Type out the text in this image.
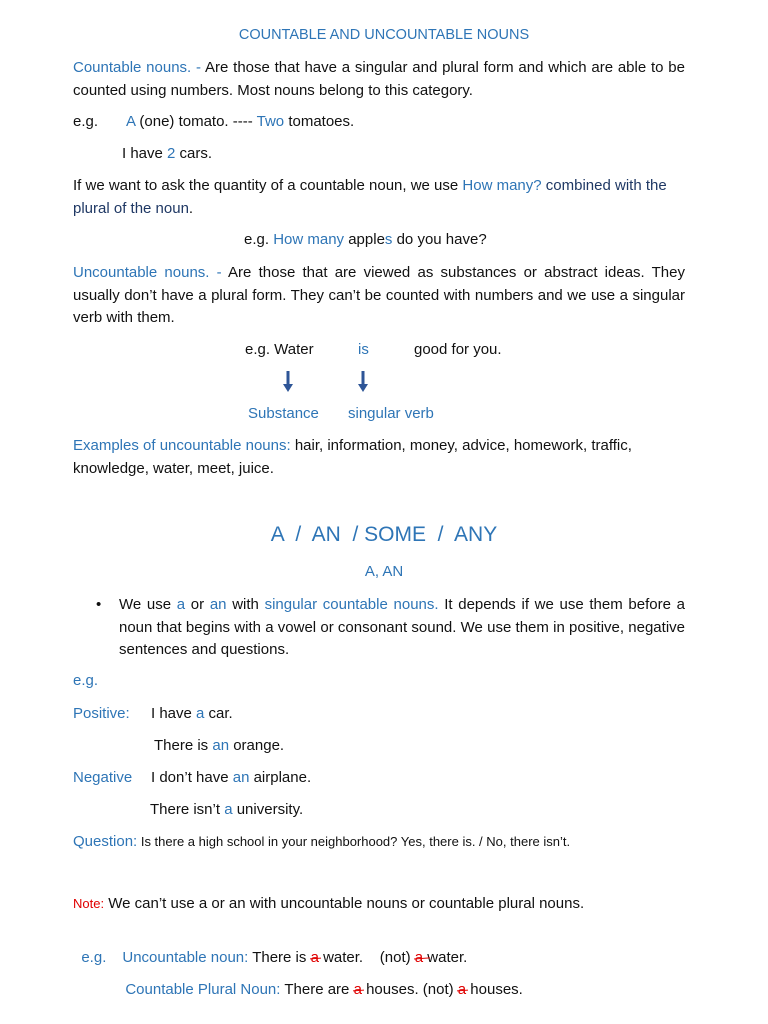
COUNTABLE AND UNCOUNTABLE NOUNS
Countable nouns. - Are those that have a singular and plural form and which are able to be counted using numbers. Most nouns belong to this category.
e.g. A (one) tomato. ---- Two tomatoes.
I have 2 cars.
If we want to ask the quantity of a countable noun, we use How many? combined with the plural of the noun.
e.g. How many apples do you have?
Uncountable nouns. - Are those that are viewed as substances or abstract ideas. They usually don’t have a plural form. They can’t be counted with numbers and we use a singular verb with them.
e.g. Water	is	good for you.
Substance singular verb
Examples of uncountable nouns: hair, information, money, advice, homework, traffic, knowledge, water, meet, juice.
A  /  AN  / SOME  /  ANY
A, AN
• We use a or an with singular countable nouns. It depends if we use them before a noun that begins with a vowel or consonant sound. We use them in positive, negative sentences and questions.
e.g.
Positive: I have a car.
There is an orange.
Negative I don’t have an airplane.
There isn’t a university.
Question: Is there a high school in your neighborhood? Yes, there is. / No, there isn’t.
Note: We can’t use a or an with uncountable nouns or countable plural nouns.

e.g. Uncountable noun: There is a water.    (not) a water.

Countable Plural Noun: There are a houses. (not) a houses.
